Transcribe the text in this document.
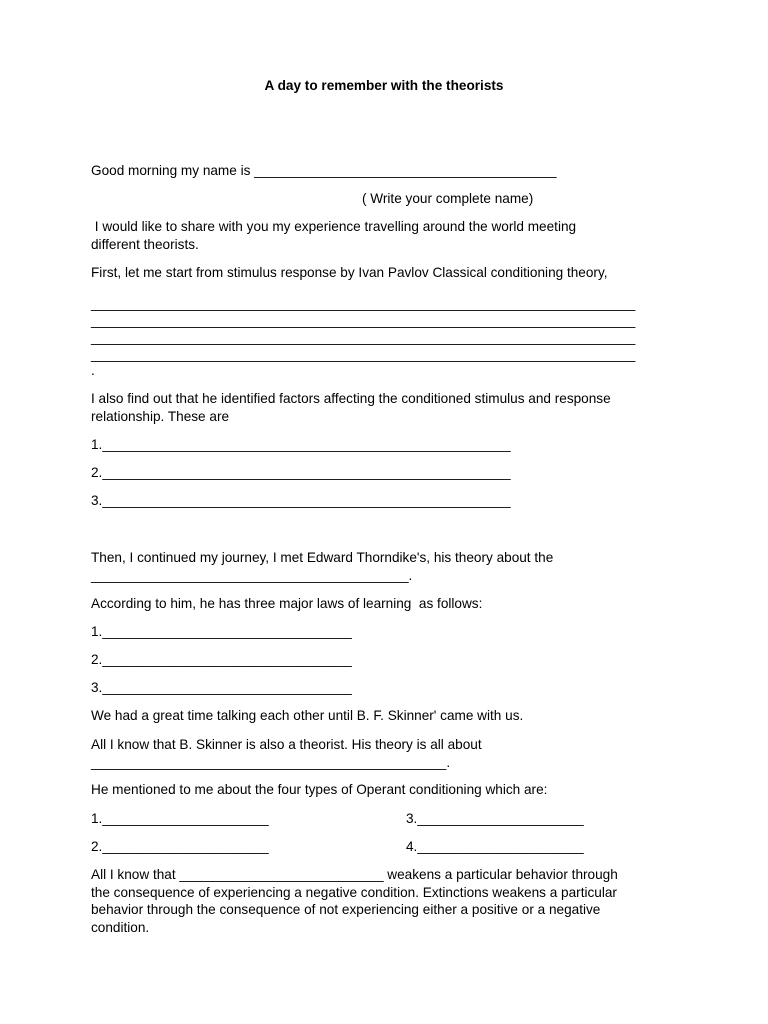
A day to remember with the theorists
Good morning my name is ________________________________________
( Write your complete name)
I would like to share with you my experience travelling around the world meeting
different theorists.
First, let me start from stimulus response by Ivan Pavlov Classical conditioning theory,
________________________________________________________________________
________________________________________________________________________
________________________________________________________________________
________________________________________________________________________
.
I also find out that he identified factors affecting the conditioned stimulus and response
relationship. These are
1.______________________________________________________
2.______________________________________________________
3.______________________________________________________
Then, I continued my journey, I met Edward Thorndike's, his theory about the
__________________________________________.
According to him, he has three major laws of learning  as follows:
1._________________________________
2._________________________________
3._________________________________
We had a great time talking each other until B. F. Skinner' came with us.
All I know that B. Skinner is also a theorist. His theory is all about
_______________________________________________.
He mentioned to me about the four types of Operant conditioning which are:
1.______________________	3.______________________
2.______________________	4.______________________
All I know that ___________________________ weakens a particular behavior through
the consequence of experiencing a negative condition. Extinctions weakens a particular
behavior through the consequence of not experiencing either a positive or a negative
condition.
